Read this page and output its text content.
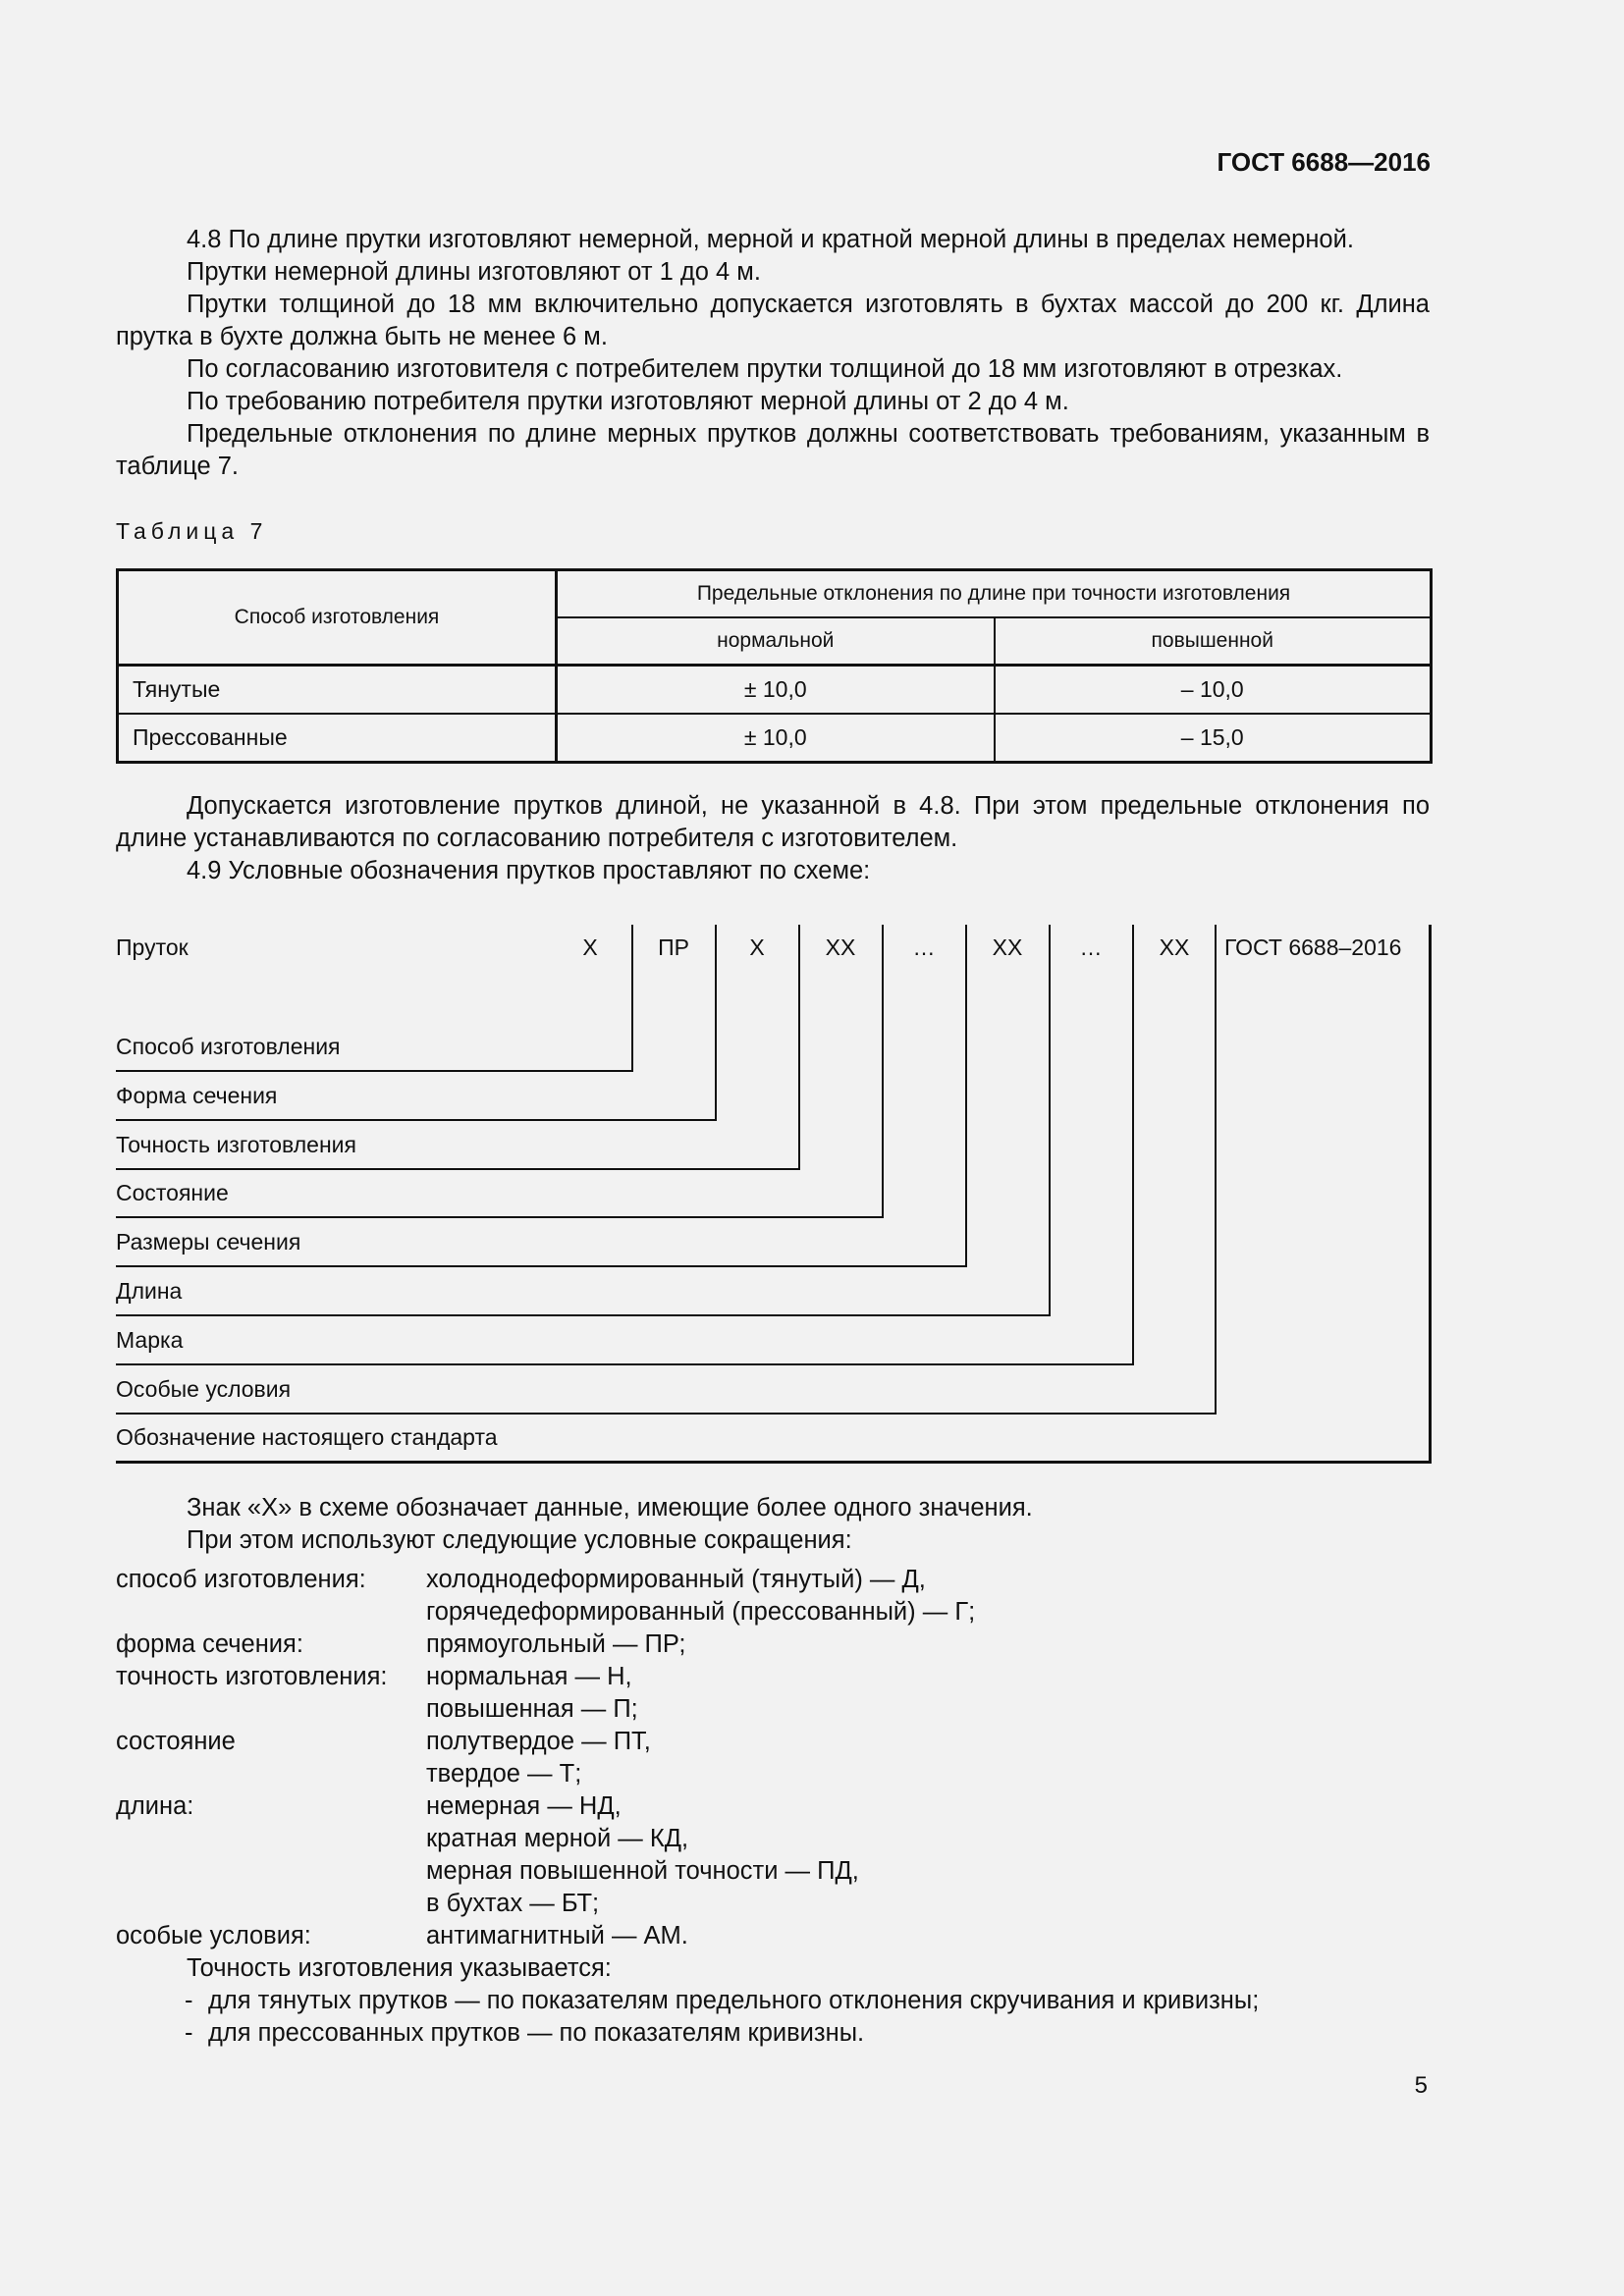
ГОСТ 6688—2016

4.8 По длине прутки изготовляют немерной, мерной и кратной мерной длины в пределах немерной.

Прутки немерной длины изготовляют от 1 до 4 м.

Прутки толщиной до 18 мм включительно допускается изготовлять в бухтах массой до 200 кг. Длина прутка в бухте должна быть не менее 6 м.

По согласованию изготовителя с потребителем прутки толщиной до 18 мм изготовляют в отрезках.

По требованию потребителя прутки изготовляют мерной длины от 2 до 4 м.

Предельные отклонения по длине мерных прутков должны соответствовать требованиям, указанным в таблице 7.

Таблица 7
Способ изготовления	Предельные отклонения по длине при точности изготовления	
	нормальной	повышенной
Тянутые	± 10,0	– 10,0
Прессованные	± 10,0	– 15,0

Допускается изготовление прутков длиной, не указанной в 4.8. При этом предельные отклонения по длине устанавливаются по согласованию потребителя с изготовителем.

4.9 Условные обозначения прутков проставляют по схеме:

Пруток	Х	ПР	Х	ХХ	…	ХХ	…	ХХ	ГОСТ 6688–2016
Способ изготовления
Форма сечения
Точность изготовления
Состояние
Размеры сечения
Длина
Марка
Особые условия
Обозначение настоящего стандарта

Знак «Х» в схеме обозначает данные, имеющие более одного значения.

При этом используют следующие условные сокращения:

способ изготовления:	холоднодеформированный (тянутый) — Д,
горячедеформированный (прессованный) — Г;
форма сечения:	прямоугольный — ПР;
точность изготовления:	нормальная — Н,
повышенная — П;
состояние	полутвердое — ПТ,
твердое — Т;
длина:	немерная — НД,
кратная мерной — КД,
мерная повышенной точности — ПД,
в бухтах — БТ;
особые условия:	антимагнитный — АМ.
Точность изготовления указывается:
- для тянутых прутков — по показателям предельного отклонения скручивания и кривизны;
- для прессованных прутков — по показателям кривизны.
5
